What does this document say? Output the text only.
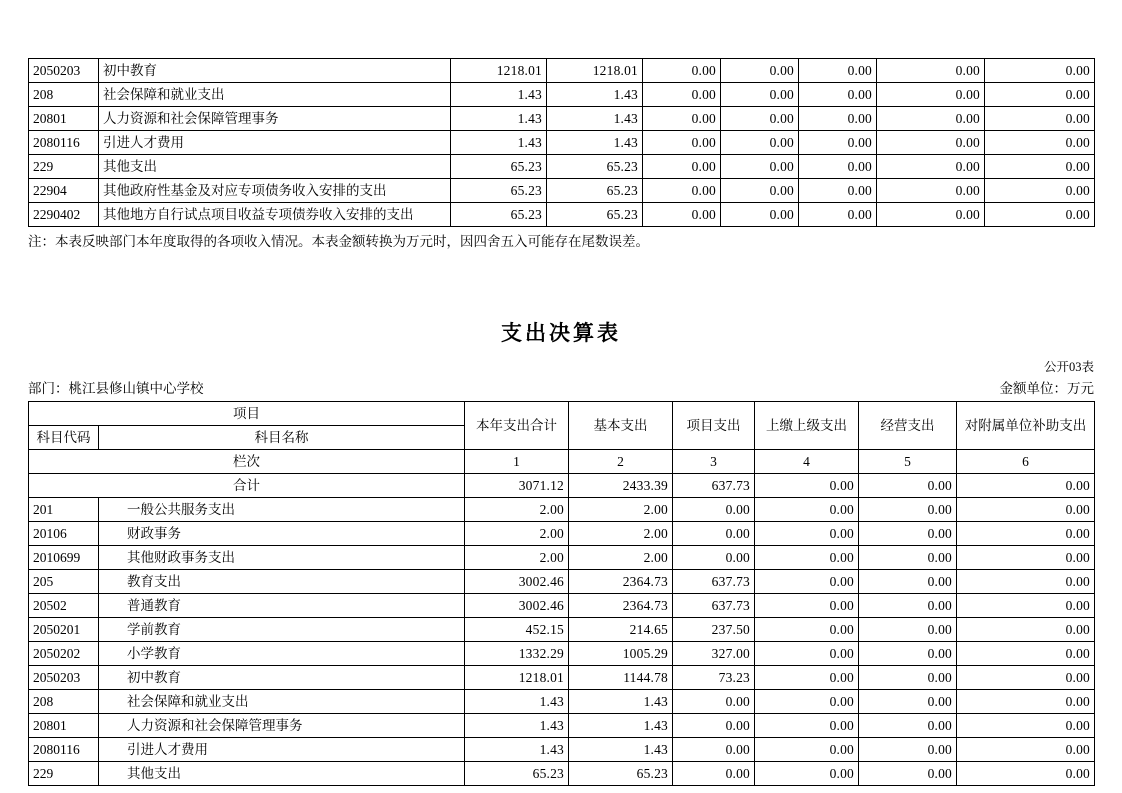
2050203	初中教育	1218.01	1218.01	0.00	0.00	0.00	0.00	0.00
208	社会保障和就业支出	1.43	1.43	0.00	0.00	0.00	0.00	0.00
20801	人力资源和社会保障管理事务	1.43	1.43	0.00	0.00	0.00	0.00	0.00
2080116	引进人才费用	1.43	1.43	0.00	0.00	0.00	0.00	0.00
229	其他支出	65.23	65.23	0.00	0.00	0.00	0.00	0.00
22904	其他政府性基金及对应专项债务收入安排的支出	65.23	65.23	0.00	0.00	0.00	0.00	0.00
2290402	其他地方自行试点项目收益专项债券收入安排的支出	65.23	65.23	0.00	0.00	0.00	0.00	0.00
注：本表反映部门本年度取得的各项收入情况。本表金额转换为万元时，因四舍五入可能存在尾数误差。
支出决算表
公开03表
部门：桃江县修山镇中心学校	金额单位：万元
项目		本年支出合计	基本支出	项目支出	上缴上级支出	经营支出	对附属单位补助支出
科目代码	科目名称						
栏次		1	2	3	4	5	6
合计		3071.12	2433.39	637.73	0.00	0.00	0.00
201	一般公共服务支出	2.00	2.00	0.00	0.00	0.00	0.00
20106	财政事务	2.00	2.00	0.00	0.00	0.00	0.00
2010699	其他财政事务支出	2.00	2.00	0.00	0.00	0.00	0.00
205	教育支出	3002.46	2364.73	637.73	0.00	0.00	0.00
20502	普通教育	3002.46	2364.73	637.73	0.00	0.00	0.00
2050201	学前教育	452.15	214.65	237.50	0.00	0.00	0.00
2050202	小学教育	1332.29	1005.29	327.00	0.00	0.00	0.00
2050203	初中教育	1218.01	1144.78	73.23	0.00	0.00	0.00
208	社会保障和就业支出	1.43	1.43	0.00	0.00	0.00	0.00
20801	人力资源和社会保障管理事务	1.43	1.43	0.00	0.00	0.00	0.00
2080116	引进人才费用	1.43	1.43	0.00	0.00	0.00	0.00
229	其他支出	65.23	65.23	0.00	0.00	0.00	0.00
